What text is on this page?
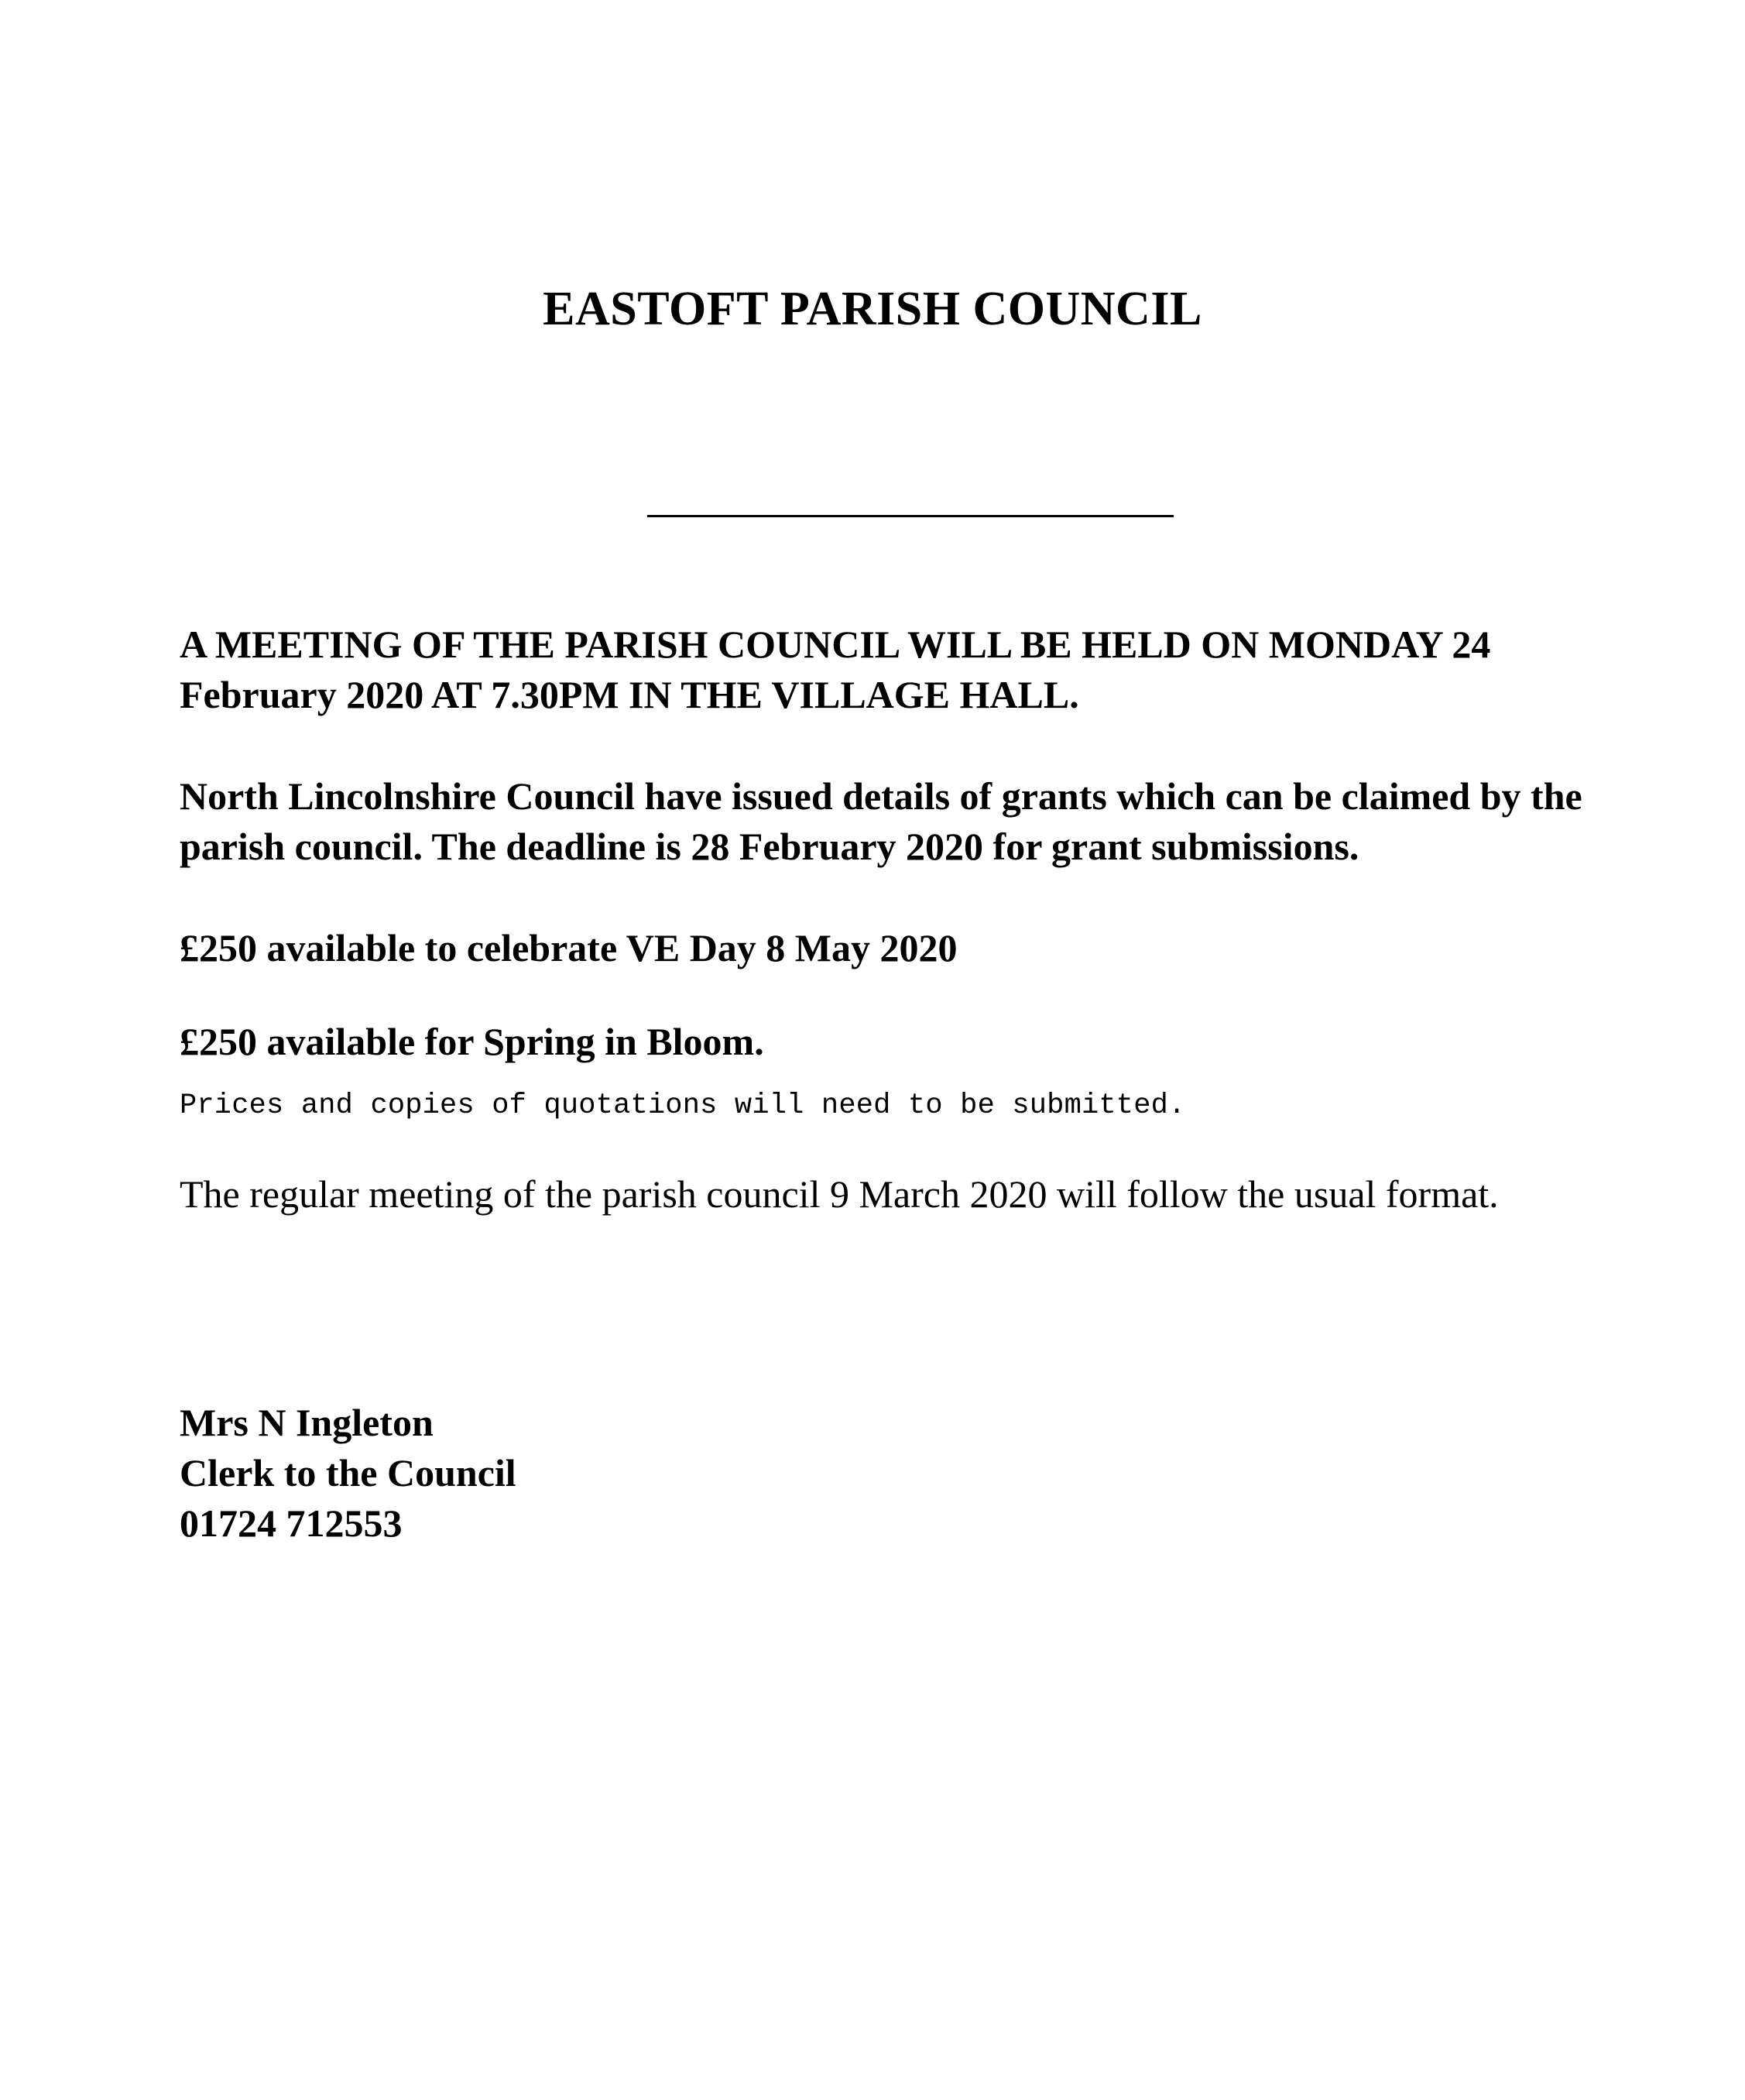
EASTOFT PARISH COUNCIL

A MEETING OF THE PARISH COUNCIL WILL BE HELD ON MONDAY 24 February 2020 AT 7.30PM IN THE VILLAGE HALL.

North Lincolnshire Council have issued details of grants which can be claimed by the parish council. The deadline is 28 February 2020 for grant submissions.

£250 available to celebrate VE Day 8 May 2020

£250 available for Spring in Bloom.

Prices and copies of quotations will need to be submitted.

The regular meeting of the parish council 9 March 2020 will follow the usual format.

Mrs N Ingleton

Clerk to the Council

01724 712553
